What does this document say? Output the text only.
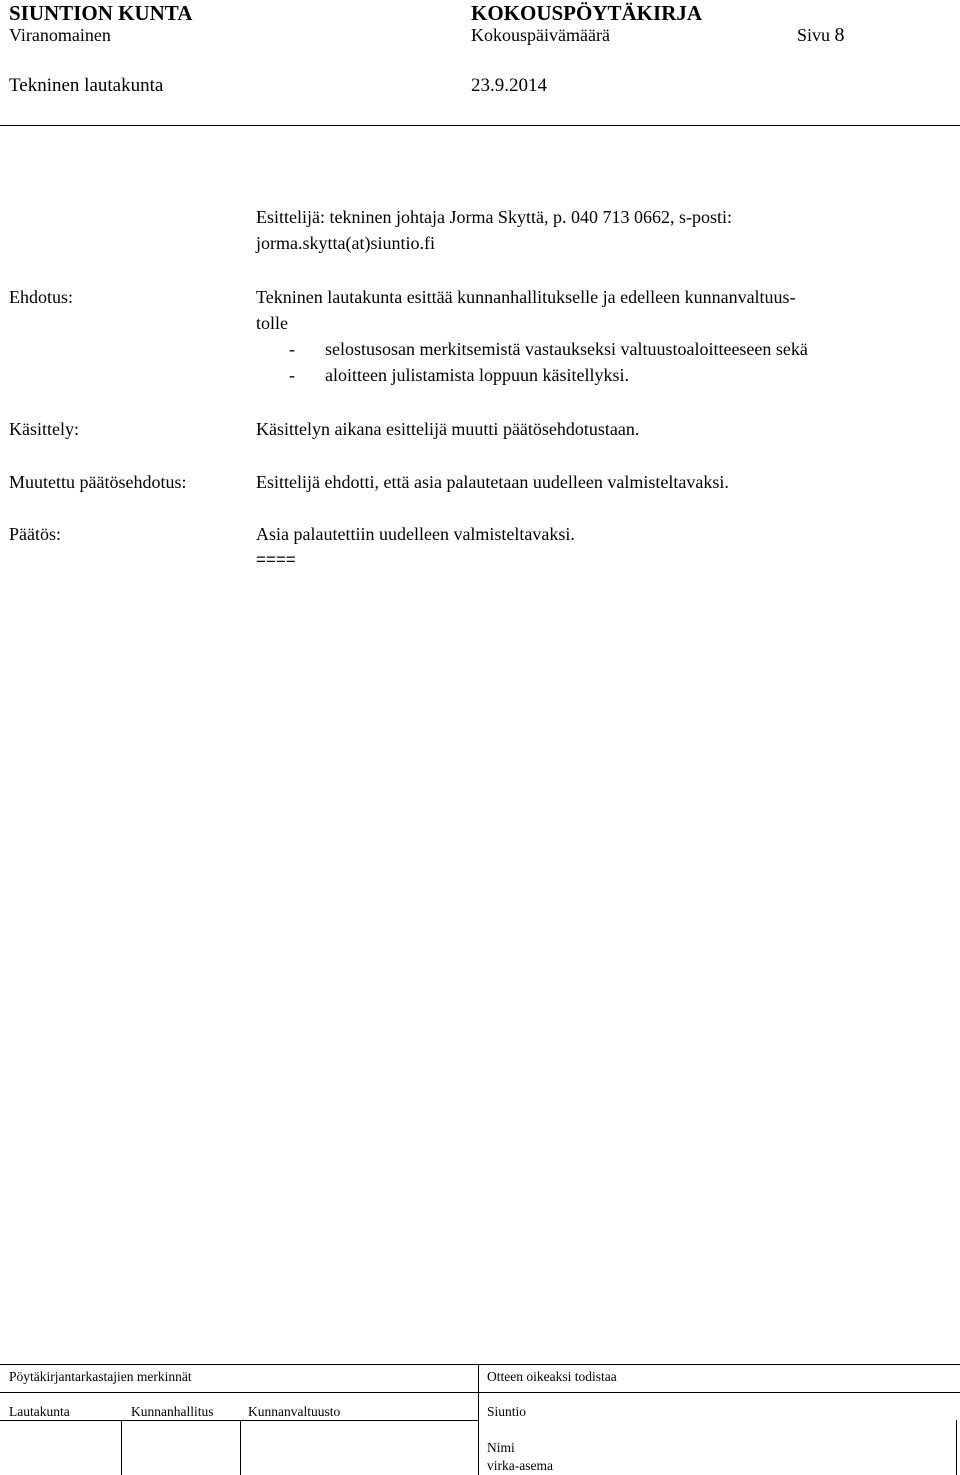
SIUNTION KUNTA	KOKOUSPÖYTÄKIRJA
Viranomainen	Kokouspäivämäärä	Sivu 8
Tekninen lautakunta	23.9.2014
Esittelijä: tekninen johtaja Jorma Skyttä, p. 040 713 0662, s-posti:
jorma.skytta(at)siuntio.fi
Ehdotus:	Tekninen lautakunta esittää kunnanhallitukselle ja edelleen kunnanvaltuus-
tolle
- selostusosan merkitsemistä vastaukseksi valtuustoaloitteeseen sekä
- aloitteen julistamista loppuun käsitellyksi.
Käsittely:	Käsittelyn aikana esittelijä muutti päätösehdotustaan.
Muutettu päätösehdotus:	Esittelijä ehdotti, että asia palautetaan uudelleen valmisteltavaksi.
Päätös:	Asia palautettiin uudelleen valmisteltavaksi.
====
Pöytäkirjantarkastajien merkinnät	Otteen oikeaksi todistaa
Lautakunta	Kunnanhallitus	Kunnanvaltuusto	Siuntio
Nimi
virka-asema
